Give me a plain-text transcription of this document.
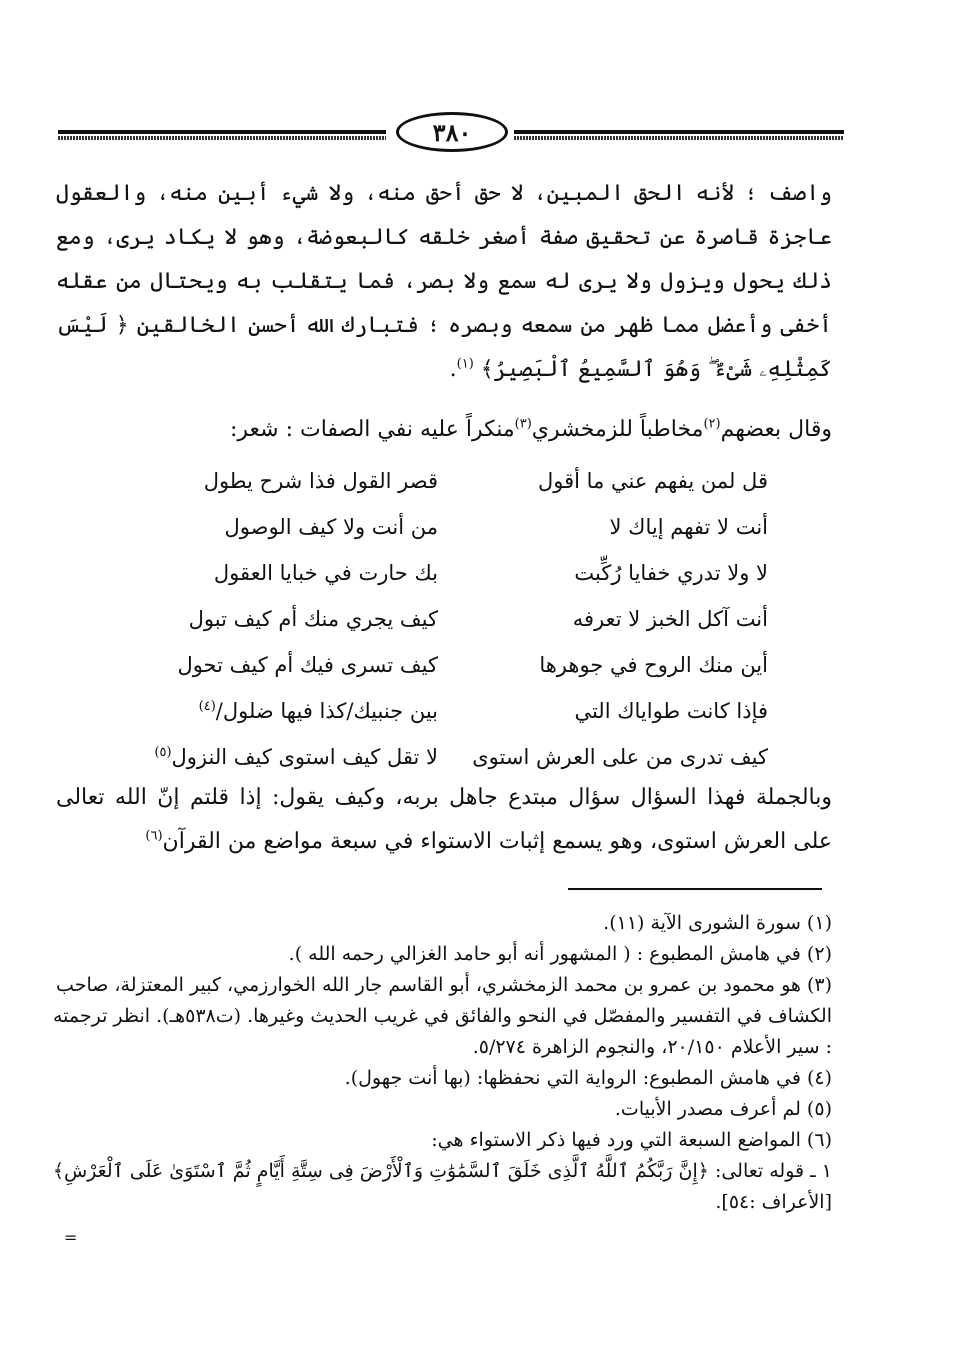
٣٨٠
واصف ؛ لأنه الحق المبين، لا حق أحق منه، ولا شيء أبين منه، والعقول عاجزة قاصرة عن تحقيق صفة أصغر خلقه كالبعوضة، وهو لا يكاد يرى، ومع ذلك يحول ويزول ولا يرى له سمع ولا بصر، فما يتقلب به ويحتال من عقله أخفى وأعضل مما ظهر من سمعه وبصره ؛ فتبارك الله أحسن الخالقين ﴿ لَيْسَ كَمِثْلِهِۦ شَىْءٌ ۖ وَهُوَ ٱلسَّمِيعُ ٱلْبَصِيرُ﴾ $^{(١)}$.
وقال بعضهم$^{(٢)}$مخاطباً للزمخشري$^{(٣)}$منكراً عليه نفي الصفات : شعر:
قل لمن يفهم عني ما أقول
قصر القول فذا شرح يطول
أنت لا تفهم إياك لا
من أنت ولا كيف الوصول
لا ولا تدري خفايا رُكِّبت
بك حارت في خبايا العقول
أنت آكل الخبز لا تعرفه
كيف يجري منك أم كيف تبول
أين منك الروح في جوهرها
كيف تسرى فيك أم كيف تحول
فإذا كانت طواياك التي
بين جنبيك/كذا فيها ضلول/$^{(٤)}$
كيف تدرى من على العرش استوى
لا تقل كيف استوى كيف النزول$^{(٥)}$
وبالجملة فهذا السؤال سؤال مبتدع جاهل بربه، وكيف يقول: إذا قلتم إنّ الله تعالى على العرش استوى، وهو يسمع إثبات الاستواء في سبعة مواضع من القرآن$^{(٦)}$

(١) سورة الشورى الآية (١١).

(٢) في هامش المطبوع : ( المشهور أنه أبو حامد الغزالي رحمه الله ).

(٣) هو محمود بن عمرو بن محمد الزمخشري، أبو القاسم جار الله الخوارزمي، كبير المعتزلة، صاحب الكشاف في التفسير والمفصّل في النحو والفائق في غريب الحديث وغيرها. (ت٥٣٨هـ). انظر ترجمته : سير الأعلام ٢٠/١٥٠، والنجوم الزاهرة ٥/٢٧٤.

(٤) في هامش المطبوع: الرواية التي نحفظها: (بها أنت جهول).

(٥) لم أعرف مصدر الأبيات.

(٦) المواضع السبعة التي ورد فيها ذكر الاستواء هي:

١ ـ قوله تعالى: ﴿إِنَّ رَبَّكُمُ ٱللَّهُ ٱلَّذِى خَلَقَ ٱلسَّمَٰوَٰتِ وَٱلْأَرْضَ فِى سِتَّةِ أَيَّامٍ ثُمَّ ٱسْتَوَىٰ عَلَى ٱلْعَرْشِ﴾ [الأعراف :٥٤].

=
